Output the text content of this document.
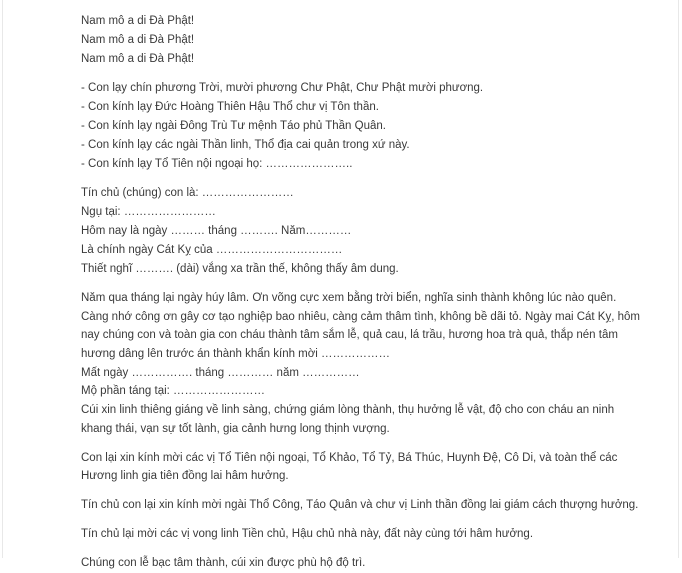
Nam mô a di Đà Phật!
Nam mô a di Đà Phật!
Nam mô a di Đà Phật!
- Con lạy chín phương Trời, mười phương Chư Phật, Chư Phật mười phương.
- Con kính lạy Đức Hoàng Thiên Hậu Thổ chư vị Tôn thần.
- Con kính lạy ngài Đông Trù Tư mệnh Táo phủ Thần Quân.
- Con kính lạy các ngài Thần linh, Thổ địa cai quản trong xứ này.
- Con kính lạy Tổ Tiên nội ngoại họ: …………………..
Tín chủ (chúng) con là: ……………………
Ngụ tại: ……………………
Hôm nay là ngày ……… tháng ………. Năm…………
Là chính ngày Cát Kỵ của ……………………………
Thiết nghĩ ………. (dài) vắng xa trần thế, không thấy âm dung.
Năm qua tháng lại ngày húy lâm. Ơn võng cực xem bằng trời biển, nghĩa sinh thành không lúc nào quên.
Càng nhớ công ơn gây cơ tạo nghiệp bao nhiêu, càng cảm thâm tình, không bề dãi tỏ. Ngày mai Cát Kỵ, hôm
nay chúng con và toàn gia con cháu thành tâm sắm lễ, quả cau, lá trầu, hương hoa trà quả, thắp nén tâm
hương dâng lên trước án thành khẩn kính mời ………………
Mất ngày ……………. tháng ………… năm ……………
Mộ phần táng tại: ……………………
Cúi xin linh thiêng giáng về linh sàng, chứng giám lòng thành, thụ hưởng lễ vật, độ cho con cháu an ninh
khang thái, vạn sự tốt lành, gia cảnh hưng long thịnh vượng.
Con lại xin kính mời các vị Tổ Tiên nội ngoại, Tổ Khảo, Tổ Tỷ, Bá Thúc, Huynh Đệ, Cô Di, và toàn thể các
Hương linh gia tiên đồng lai hâm hưởng.
Tín chủ con lại xin kính mời ngài Thổ Công, Táo Quân và chư vị Linh thần đồng lai giám cách thượng hưởng.
Tín chủ lại mời các vị vong linh Tiền chủ, Hậu chủ nhà này, đất này cùng tới hâm hưởng.
Chúng con lễ bạc tâm thành, cúi xin được phù hộ độ trì.
